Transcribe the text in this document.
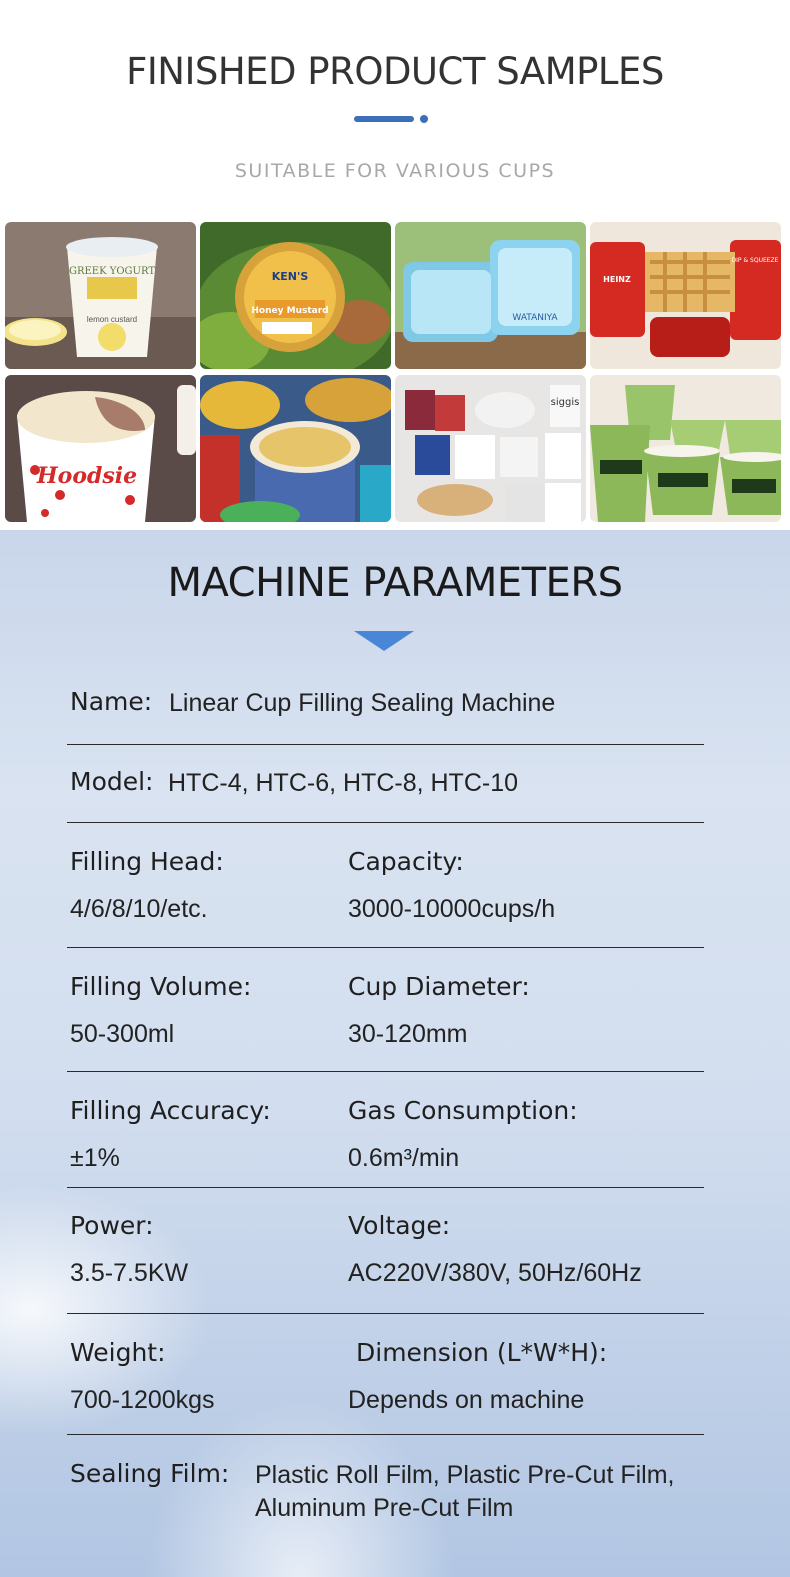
FINISHED PRODUCT SAMPLES
SUITABLE FOR VARIOUS CUPS
GREEK YOGURT
lemon custard
KEN'S
Honey Mustard
WATANIYA
HEINZ
DIP & SQUEEZE
Hoodsie
siggis
MACHINE PARAMETERS
Name: Linear Cup Filling Sealing Machine
Model: HTC-4, HTC-6, HTC-8, HTC-10
Filling Head:
4/6/8/10/etc.
Capacity:
3000-10000cups/h
Filling Volume:
50-300ml
Cup Diameter:
30-120mm
Filling Accuracy:
±1%
Gas Consumption:
0.6m³/min
Power:
3.5-7.5KW
Voltage:
AC220V/380V, 50Hz/60Hz
Weight:
700-1200kgs
Dimension (L*W*H):
Depends on machine
Sealing Film: Plastic Roll Film, Plastic Pre-Cut Film,
Aluminum Pre-Cut Film
